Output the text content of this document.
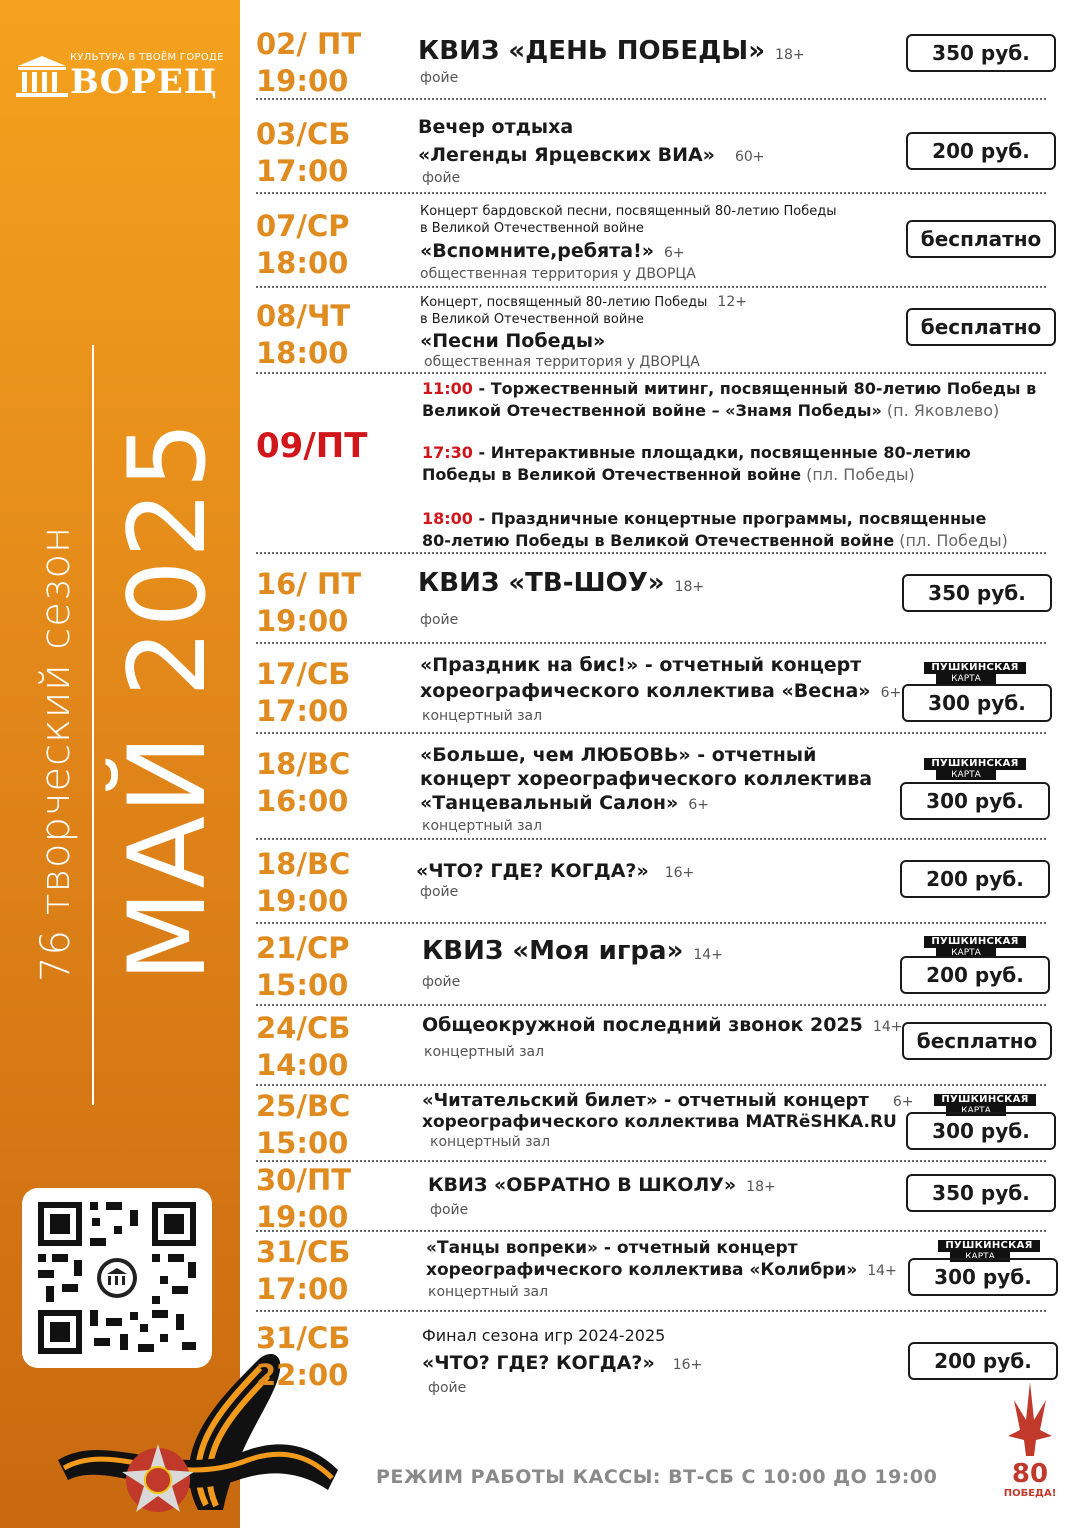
КУЛЬТУРА В ТВОЁМ ГОРОДЕ
ВОРЕЦ
76 творческий сезон МАЙ 2025
02/ ПТ
19:00
КВИЗ «ДЕНЬ ПОБЕДЫ» 18+
фойе
350 руб.
03/СБ
17:00
Вечер отдыха
«Легенды Ярцевских ВИА» 60+
фойе
200 руб.
07/СР
18:00
Концерт бардовской песни, посвященный 80-летию Победы
в Великой Отечественной войне
«Вспомните,ребята!» 6+
общественная территория у ДВОРЦА
бесплатно
08/ЧТ
18:00
Концерт, посвященный 80-летию Победы 12+
в Великой Отечественной войне
«Песни Победы»
общественная территория у ДВОРЦА
бесплатно
09/ПТ
11:00 - Торжественный митинг, посвященный 80-летию Победы в
Великой Отечественной войне – «Знамя Победы» (п. Яковлево)
17:30 - Интерактивные площадки, посвященные 80-летию
Победы в Великой Отечественной войне (пл. Победы)
18:00 - Праздничные концертные программы, посвященные
80-летию Победы в Великой Отечественной войне (пл. Победы)
16/ ПТ
19:00
КВИЗ «ТВ-ШОУ» 18+
фойе
350 руб.
17/СБ
17:00
«Праздник на бис!» - отчетный концерт
хореографического коллектива «Весна» 6+
концертный зал
ПУШКИНСКАЯ
КАРТА
300 руб.
18/ВС
16:00
«Больше, чем ЛЮБОВЬ» - отчетный
концерт хореографического коллектива
«Танцевальный Салон» 6+
концертный зал
ПУШКИНСКАЯ
КАРТА
300 руб.
18/ВС
19:00
«ЧТО? ГДЕ? КОГДА?» 16+
фойе
200 руб.
21/СР
15:00
КВИЗ «Моя игра» 14+
фойе
ПУШКИНСКАЯ
КАРТА
200 руб.
24/СБ
14:00
Общеокружной последний звонок 2025 14+
концертный зал	бесплатно
25/ВС
15:00
«Читательский билет» - отчетный концерт 6+
хореографического коллектива MATRёSHKA.RU
концертный зал
ПУШКИНСКАЯ
КАРТА
300 руб.
30/ПТ
19:00
КВИЗ «ОБРАТНО В ШКОЛУ» 18+
фойе
350 руб.
31/СБ
17:00
«Танцы вопреки» - отчетный концерт
хореографического коллектива «Колибри» 14+
концертный зал
ПУШКИНСКАЯ
КАРТА
300 руб.
31/СБ
22:00
Финал сезона игр 2024-2025
«ЧТО? ГДЕ? КОГДА?» 16+
фойе
200 руб.
РЕЖИМ РАБОТЫ КАССЫ: ВТ-СБ С 10:00 ДО 19:00	80
ПОБЕДА!
